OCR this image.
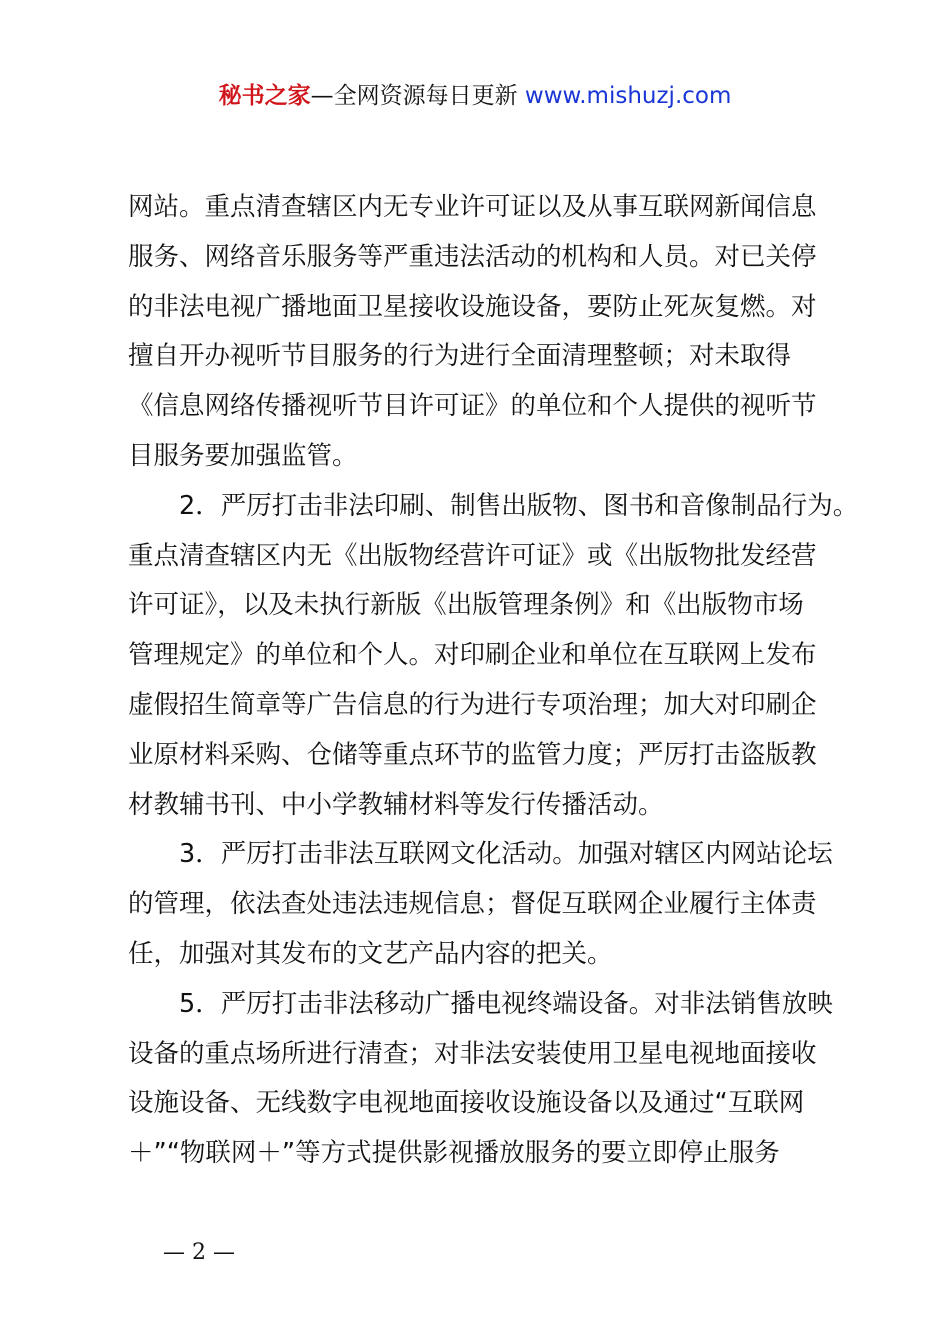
秘书之家—全网资源每日更新 www.mishuzj.com
网站。重点清查辖区内无专业许可证以及从事互联网新闻信息
服务、网络音乐服务等严重违法活动的机构和人员。对已关停
的非法电视广播地面卫星接收设施设备，要防止死灰复燃。对
擅自开办视听节目服务的行为进行全面清理整顿；对未取得
《信息网络传播视听节目许可证》的单位和个人提供的视听节
目服务要加强监管。
2．严厉打击非法印刷、制售出版物、图书和音像制品行为。
重点清查辖区内无《出版物经营许可证》或《出版物批发经营
许可证》，以及未执行新版《出版管理条例》和《出版物市场
管理规定》的单位和个人。对印刷企业和单位在互联网上发布
虚假招生简章等广告信息的行为进行专项治理；加大对印刷企
业原材料采购、仓储等重点环节的监管力度；严厉打击盗版教
材教辅书刊、中小学教辅材料等发行传播活动。
3．严厉打击非法互联网文化活动。加强对辖区内网站论坛
的管理，依法查处违法违规信息；督促互联网企业履行主体责
任，加强对其发布的文艺产品内容的把关。
5．严厉打击非法移动广播电视终端设备。对非法销售放映
设备的重点场所进行清查；对非法安装使用卫星电视地面接收
设施设备、无线数字电视地面接收设施设备以及通过“互联网
＋”“物联网＋”等方式提供影视播放服务的要立即停止服务
— 2 —
